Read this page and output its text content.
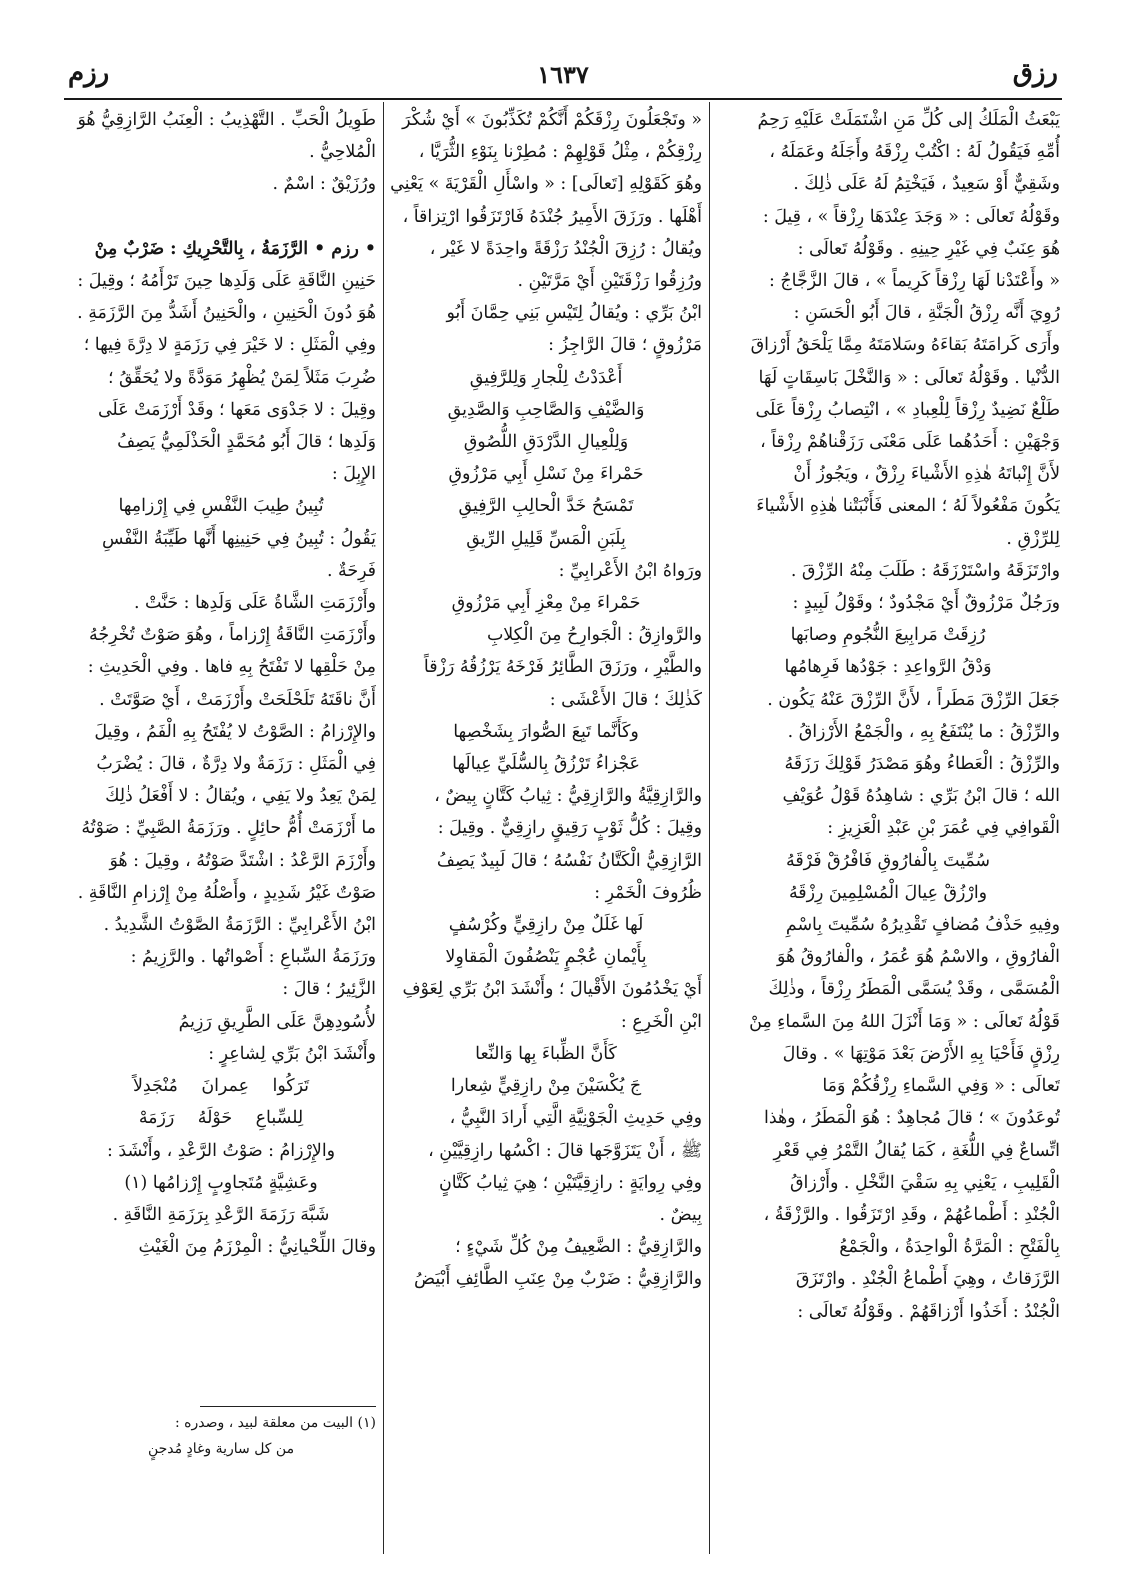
رزق
١٦٣٧
رزم

يَبْعَثُ الْمَلَكُ إلى كُلِّ مَنِ اشْتَمَلَتْ عَلَيْهِ رَحِمُ

أُمِّهِ فَيَقُولُ لَهُ : اكْتُبْ رِزْقَهُ وأَجَلَهُ وعَمَلَهُ ،

وشَقِيٌّ أَوْ سَعِيدٌ ، فَيَخْتِمُ لَهُ عَلَى ذٰلِكَ .

وقَوْلُهُ تَعالَى : « وَجَدَ عِنْدَهَا رِزْقاً » ، قِيلَ :

هُوَ عِنَبٌ فِي غَيْرِ حِينِهِ . وقَوْلُهُ تَعالَى :

« وأَعْتَدْنا لَهَا رِزْقاً كَرِيماً » ، قالَ الزَّجَّاجُ :

رُوِيَ أَنَّه رِزْقُ الْجَنَّةِ ، قالَ أَبُو الْحَسَنِ :

وأَرَى كَرامَتَهُ بَقاءَهُ وسَلامَتَهُ مِمَّا يَلْحَقُ أَرْزاقَ

الدُّنْيا . وقَوْلُهُ تَعالَى : « وَالنَّخْلَ بَاسِقَاتٍ لَهَا

طَلْعٌ نَضِيدٌ رِزْقاً لِلْعِبادِ » ، انْتِصابُ رِزْقاً عَلَى

وَجْهَيْنِ : أَحَدُهُما عَلَى مَعْنَى رَزَقْناهُمْ رِزْقاً ،

لأَنَّ إِنْباتَهُ هٰذِهِ الأَشْياءَ رِزْقٌ ، ويَجُوزُ أَنْ

يَكُونَ مَفْعُولاً لَهُ ؛ المعنى فَأَنْبَتْنا هٰذِهِ الأَشْياءَ

لِلرِّزْقِ .

وارْتَزَقَهُ واسْتَرْزَقَهُ : طَلَبَ مِنْهُ الرِّزْقَ .

ورَجُلٌ مَرْزُوقٌ أَيْ مَجْدُودٌ ؛ وقَوْلُ لَبِيدٍ :

رُزِقَتْ مَرابِيعَ النُّجُومِ وصابَها

وَدْقُ الرَّواعِدِ : جَوْدُها فَرِهامُها

جَعَلَ الرِّزْقَ مَطَراً ، لأَنَّ الرِّزْقَ عَنْهُ يَكُون .

والرِّزْقُ : ما يُنْتَفَعُ بِهِ ، والْجَمْعُ الأَرْزاقُ .

والرِّزْقُ : الْعَطاءُ وهُوَ مَصْدَرُ قَوْلِكَ رَزَقَهُ

الله ؛ قالَ ابْنُ بَرِّي : شاهِدُهُ قَوْلُ عُوَيْفِ

الْقَوافِي فِي عُمَرَ بْنِ عَبْدِ الْعَزِيزِ :

سُمِّيتَ بِالْفارُوقِ فَافْرُقْ فَرْقَهُ

وارْزُقْ عِيالَ الْمُسْلِمِينَ رِزْقَهُ

وفِيهِ حَذْفُ مُضافٍ تَقْدِيرُهُ سُمِّيتَ بِاسْمِ

الْفارُوقِ ، والاسْمُ هُوَ عُمَرُ ، والْفارُوقُ هُوَ

الْمُسَمَّى ، وقَدْ يُسَمَّى الْمَطَرُ رِزْقاً ، وذٰلِكَ

قَوْلُهُ تَعالَى : « وَمَا أَنْزَلَ اللهُ مِنَ السَّماءِ مِنْ

رِزْقٍ فَأَحْيَا بِهِ الأَرْضَ بَعْدَ مَوْتِهَا » . وقالَ

تَعالَى : « وَفِي السَّماءِ رِزْقُكُمْ وَمَا

تُوعَدُونَ » ؛ قالَ مُجاهِدٌ : هُوَ الْمَطَرُ ، وهٰذا

اتِّساعٌ فِي اللُّغَةِ ، كَمَا يُقالُ التَّمْرُ فِي قَعْرِ

الْقَلِيبِ ، يَعْنِي بِهِ سَقْيَ النَّخْلِ . وأَرْزاقُ

الْجُنْدِ : أَطْماعُهُمْ ، وقَدِ ارْتَزَقُوا . والرَّزْقَةُ ،

بِالْفَتْحِ : الْمَرَّةُ الْواحِدَةُ ، والْجَمْعُ

الرَّزَقاتُ ، وهِيَ أَطْماعُ الْجُنْدِ . وارْتَزَقَ

الْجُنْدُ : أَخَذُوا أَرْزاقَهُمْ . وقَوْلُهُ تَعالَى :

« وتَجْعَلُونَ رِزْقَكُمْ أَنَّكُمْ تُكَذِّبُونَ » أَيْ شُكْرَ

رِزْقِكُمْ ، مِثْلُ قَوْلِهِمْ : مُطِرْنا بِنَوْءِ الثُّرَيَّا ،

وهُوَ كَقَوْلِهِ [تَعالَى] : « واسْأَلِ الْقَرْيَةَ » يَعْنِي

أَهْلَها . ورَزَقَ الأَمِيرُ جُنْدَهُ فَارْتَزَقُوا ارْتِزاقاً ،

ويُقالُ : رُزِقَ الْجُنْدُ رَزْقَةً واحِدَةً لا غَيْر ،

ورُزِقُوا رَزْقَتَيْنِ أَيْ مَرَّتَيْنِ .

ابْنُ بَرِّي : ويُقالُ لِتَيْسِ بَنِي حِمَّانَ أَبُو

مَرْزُوقٍ ؛ قالَ الرَّاجِزُ :

أَعْدَدْتُ لِلْجارِ وَلِلرَّفِيقِ

وَالضَّيْفِ وَالصَّاحِبِ وَالصَّدِيقِ

وَلِلْعِيالِ الدَّرْدَقِ اللُّصُوقِ

حَمْراءَ مِنْ نَسْلِ أَبِي مَرْزُوقِ

تَمْسَحُ خَدَّ الْحالِبِ الرَّفِيقِ

بِلَبَنِ الْمَسِّ قَلِيلِ الرِّيقِ

ورَواهُ ابْنُ الأَعْرابِيِّ :

حَمْراءَ مِنْ مِعْزِ أَبِي مَرْزُوقِ

والرَّوازِقُ : الْجَوارِحُ مِنَ الْكِلابِ

والطَّيْرِ ، ورَزَقَ الطَّائِرُ فَرْخَهُ يَرْزُقُهُ رَزْقاً

كَذٰلِكَ ؛ قالَ الأَعْشَى :

وكَأَنَّما تَبِعَ الصُّوارَ بِشَخْصِها

عَجْزاءُ تَرْزُقُ بِالسُّلَيِّ عِيالَها

والرَّازِقِيَّةُ والرَّازِقِيُّ : ثِيابُ كَتَّانٍ بِيضٌ ،

وقِيلَ : كُلُّ ثَوْبٍ رَقِيقٍ رازِقِيٌّ . وقِيلَ :

الرَّازِقِيُّ الْكَتَّانُ نَفْسُهُ ؛ قالَ لَبِيدٌ يَصِفُ

ظُرُوفَ الْخَمْرِ :

لَها غَلَلٌ مِنْ رازِقِيٍّ وكُرْسُفٍ

بِأَيْمانِ عُجْمٍ يَنْصُفُونَ الْمَقاوِلا

أَيْ يَخْدُمُونَ الأَقْيالَ ؛ وأَنْشَدَ ابْنُ بَرِّي لِعَوْفِ

ابْنِ الْخَرِعِ :

كَأَنَّ الظِّباءَ بِها وَالنِّعا

جَ يُكْسَيْنَ مِنْ رازِقِيٍّ شِعارا

وفِي حَدِيثِ الْجَوْنِيَّةِ الَّتِي أَرادَ النَّبِيُّ ،

ﷺ ، أَنْ يَتَزَوَّجَها قالَ : اكْسُها رازِقِيَّيْنِ ،

وفِي رِوايَةٍ : رازِقِيَّتَيْنِ ؛ هِيَ ثِيابُ كَتَّانٍ

بِيضٌ .

والرَّازِقِيُّ : الضَّعِيفُ مِنْ كُلِّ شَيْءٍ ؛

والرَّازِقِيُّ : ضَرْبٌ مِنْ عِنَبِ الطَّائِفِ أَبْيَضُ

طَوِيلُ الْحَبِّ . التَّهْذِيبُ : الْعِنَبُ الرَّازِقِيُّ هُوَ

الْمُلاحِيُّ .

ورُزَيْقٌ : اسْمٌ .

• رزم • الرَّزَمَةُ ، بِالتَّحْرِيكِ : ضَرْبٌ مِنْ

حَنِينِ النَّاقَةِ عَلَى وَلَدِها حِينَ تَرْأَمُهُ ؛ وقِيلَ :

هُوَ دُونَ الْحَنِينِ ، والْحَنِينُ أَشَدُّ مِنَ الرَّزَمَةِ .

وفِي الْمَثَلِ : لا خَيْرَ فِي رَزَمَةٍ لا دِرَّةَ فِيها ؛

ضُرِبَ مَثَلاً لِمَنْ يُظْهِرُ مَوَدَّةً ولا يُحَقِّقُ ؛

وقِيلَ : لا جَدْوَى مَعَها ؛ وقَدْ أَرْزَمَتْ عَلَى

وَلَدِها ؛ قالَ أَبُو مُحَمَّدٍ الْحَذْلَمِيُّ يَصِفُ

الإِبِلَ :

تُبِينُ طِيبَ النَّفْسِ فِي إِرْزامِها

يَقُولُ : تُبِينُ فِي حَنِينِها أَنَّها طَيِّبَةُ النَّفْسِ

فَرِحَةٌ .

وأَرْزَمَتِ الشَّاةُ عَلَى وَلَدِها : حَنَّتْ .

وأَرْزَمَتِ النَّاقَةُ إِرْزاماً ، وهُوَ صَوْتٌ تُخْرِجُهُ

مِنْ حَلْقِها لا تَفْتَحُ بِهِ فاها . وفِي الْحَدِيثِ :

أَنَّ ناقَتَهُ تَلَحْلَحَتْ وأَرْزَمَتْ ، أَيْ صَوَّتَتْ .

والإِرْزامُ : الصَّوْتُ لا يُفْتَحُ بِهِ الْفَمُ ، وقِيلَ

فِي الْمَثَلِ : رَزَمَةٌ ولا دِرَّةٌ ، قالَ : يُضْرَبُ

لِمَنْ يَعِدُ ولا يَفِي ، ويُقالُ : لا أَفْعَلُ ذٰلِكَ

ما أَرْزَمَتْ أُمُّ حائِلٍ . ورَزَمَةُ الصَّبِيِّ : صَوْتُهُ

وأَرْزَمَ الرَّعْدُ : اشْتَدَّ صَوْتُهُ ، وقِيلَ : هُوَ

صَوْتٌ غَيْرُ شَدِيدٍ ، وأَصْلُهُ مِنْ إِرْزامِ النَّاقَةِ .

ابْنُ الأَعْرابِيِّ : الرَّزَمَةُ الصَّوْتُ الشَّدِيدُ .

ورَزَمَةُ السِّباعِ : أَصْواتُها . والرَّزِيمُ :

الزَّئِيرُ ؛ قالَ :

لأُسُودِهِنَّ عَلَى الطَّرِيقِ رَزِيمُ

وأَنْشَدَ ابْنُ بَرِّي لِشاعِرٍ :

تَرَكُوا عِمرانَ مُنْجَدِلاً

لِلسِّباعِ حَوْلَهُ رَزَمَهْ

والإِرْزامُ : صَوْتُ الرَّعْدِ ، وأَنْشَدَ :

وعَشِيَّةٍ مُتَجاوِبٍ إِرْزامُها (١)

شَبَّهَ رَزَمَةَ الرَّعْدِ بِرَزَمَةِ النَّاقَةِ .

وقالَ اللِّحْيانِيُّ : الْمِرْزَمُ مِنَ الْغَيْثِ

(١) البيت من معلقة لبيد ، وصدره :

من كل سارية وغادٍ مُدجنٍ
